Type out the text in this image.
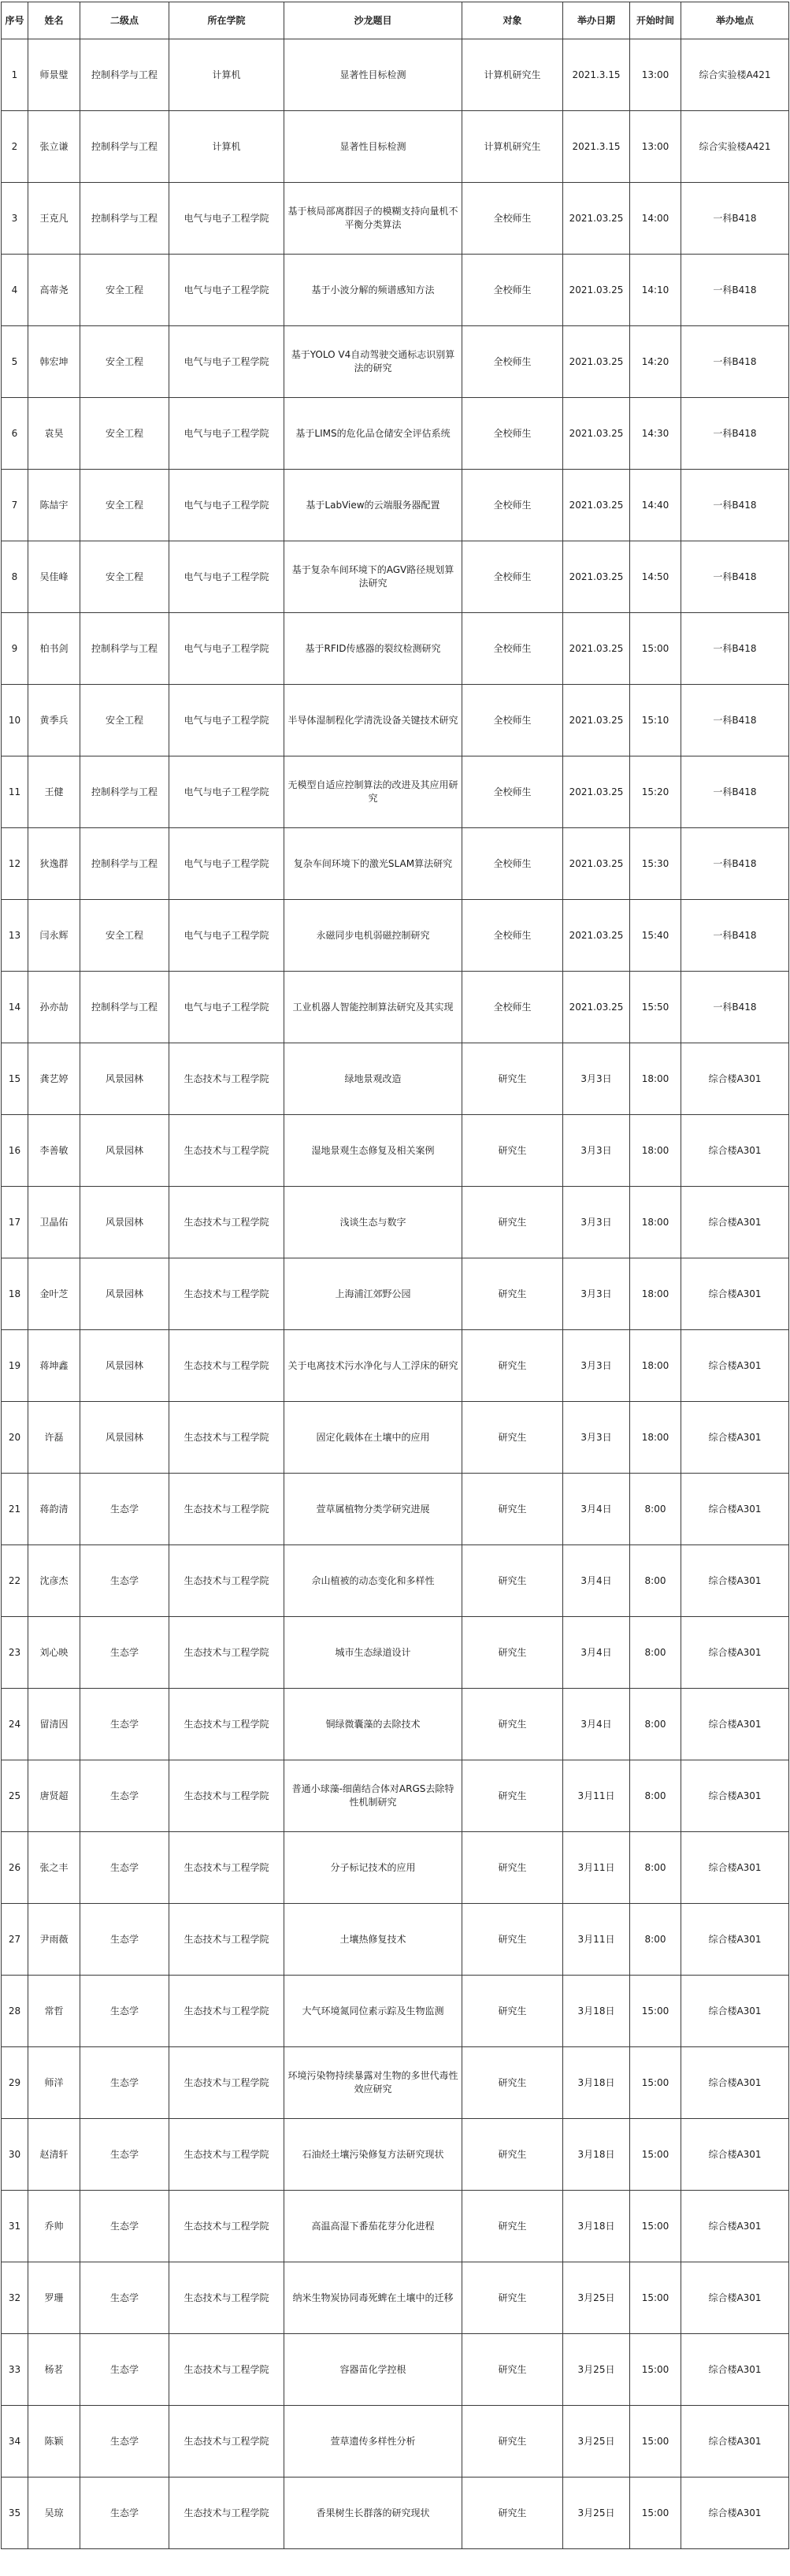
序号	姓名	二级点	所在学院	沙龙题目	对象	举办日期	开始时间	举办地点
1	师景璧	控制科学与工程	计算机	显著性目标检测	计算机研究生	2021.3.15	13:00	综合实验楼A421
2	张立谦	控制科学与工程	计算机	显著性目标检测	计算机研究生	2021.3.15	13:00	综合实验楼A421
3	王克凡	控制科学与工程	电气与电子工程学院	基于核局部离群因子的模糊支持向量机不平衡分类算法	全校师生	2021.03.25	14:00	一科B418
4	高蒂尧	安全工程	电气与电子工程学院	基于小波分解的频谱感知方法	全校师生	2021.03.25	14:10	一科B418
5	韩宏坤	安全工程	电气与电子工程学院	基于YOLO V4自动驾驶交通标志识别算法的研究	全校师生	2021.03.25	14:20	一科B418
6	袁昊	安全工程	电气与电子工程学院	基于LIMS的危化品仓储安全评估系统	全校师生	2021.03.25	14:30	一科B418
7	陈喆宇	安全工程	电气与电子工程学院	基于LabView的云端服务器配置	全校师生	2021.03.25	14:40	一科B418
8	吴佳峰	安全工程	电气与电子工程学院	基于复杂车间环境下的AGV路径规划算法研究	全校师生	2021.03.25	14:50	一科B418
9	柏书剑	控制科学与工程	电气与电子工程学院	基于RFID传感器的裂纹检测研究	全校师生	2021.03.25	15:00	一科B418
10	黄季兵	安全工程	电气与电子工程学院	半导体湿制程化学清洗设备关键技术研究	全校师生	2021.03.25	15:10	一科B418
11	王健	控制科学与工程	电气与电子工程学院	无模型自适应控制算法的改进及其应用研究	全校师生	2021.03.25	15:20	一科B418
12	狄逸群	控制科学与工程	电气与电子工程学院	复杂车间环境下的激光SLAM算法研究	全校师生	2021.03.25	15:30	一科B418
13	闫永辉	安全工程	电气与电子工程学院	永磁同步电机弱磁控制研究	全校师生	2021.03.25	15:40	一科B418
14	孙亦劼	控制科学与工程	电气与电子工程学院	工业机器人智能控制算法研究及其实现	全校师生	2021.03.25	15:50	一科B418
15	龚艺婷	风景园林	生态技术与工程学院	绿地景观改造	研究生	3月3日	18:00	综合楼A301
16	李善敏	风景园林	生态技术与工程学院	湿地景观生态修复及相关案例	研究生	3月3日	18:00	综合楼A301
17	卫晶佑	风景园林	生态技术与工程学院	浅谈生态与数字	研究生	3月3日	18:00	综合楼A301
18	金叶芝	风景园林	生态技术与工程学院	上海浦江郊野公园	研究生	3月3日	18:00	综合楼A301
19	蒋坤鑫	风景园林	生态技术与工程学院	关于电离技术污水净化与人工浮床的研究	研究生	3月3日	18:00	综合楼A301
20	许磊	风景园林	生态技术与工程学院	固定化载体在土壤中的应用	研究生	3月3日	18:00	综合楼A301
21	蒋韵清	生态学	生态技术与工程学院	萱草属植物分类学研究进展	研究生	3月4日	8:00	综合楼A301
22	沈彦杰	生态学	生态技术与工程学院	佘山植被的动态变化和多样性	研究生	3月4日	8:00	综合楼A301
23	刘心映	生态学	生态技术与工程学院	城市生态绿道设计	研究生	3月4日	8:00	综合楼A301
24	留清因	生态学	生态技术与工程学院	铜绿微囊藻的去除技术	研究生	3月4日	8:00	综合楼A301
25	唐贤超	生态学	生态技术与工程学院	普通小球藻-细菌结合体对ARGS去除特性机制研究	研究生	3月11日	8:00	综合楼A301
26	张之丰	生态学	生态技术与工程学院	分子标记技术的应用	研究生	3月11日	8:00	综合楼A301
27	尹雨薇	生态学	生态技术与工程学院	土壤热修复技术	研究生	3月11日	8:00	综合楼A301
28	常哲	生态学	生态技术与工程学院	大气环境氮同位素示踪及生物监测	研究生	3月18日	15:00	综合楼A301
29	师洋	生态学	生态技术与工程学院	环境污染物持续暴露对生物的多世代毒性效应研究	研究生	3月18日	15:00	综合楼A301
30	赵清轩	生态学	生态技术与工程学院	石油烃土壤污染修复方法研究现状	研究生	3月18日	15:00	综合楼A301
31	乔帅	生态学	生态技术与工程学院	高温高湿下番茄花芽分化进程	研究生	3月18日	15:00	综合楼A301
32	罗珊	生态学	生态技术与工程学院	纳米生物炭协同毒死蜱在土壤中的迁移	研究生	3月25日	15:00	综合楼A301
33	杨茗	生态学	生态技术与工程学院	容器苗化学控根	研究生	3月25日	15:00	综合楼A301
34	陈颖	生态学	生态技术与工程学院	萱草遗传多样性分析	研究生	3月25日	15:00	综合楼A301
35	吴琼	生态学	生态技术与工程学院	香果树生长群落的研究现状	研究生	3月25日	15:00	综合楼A301
